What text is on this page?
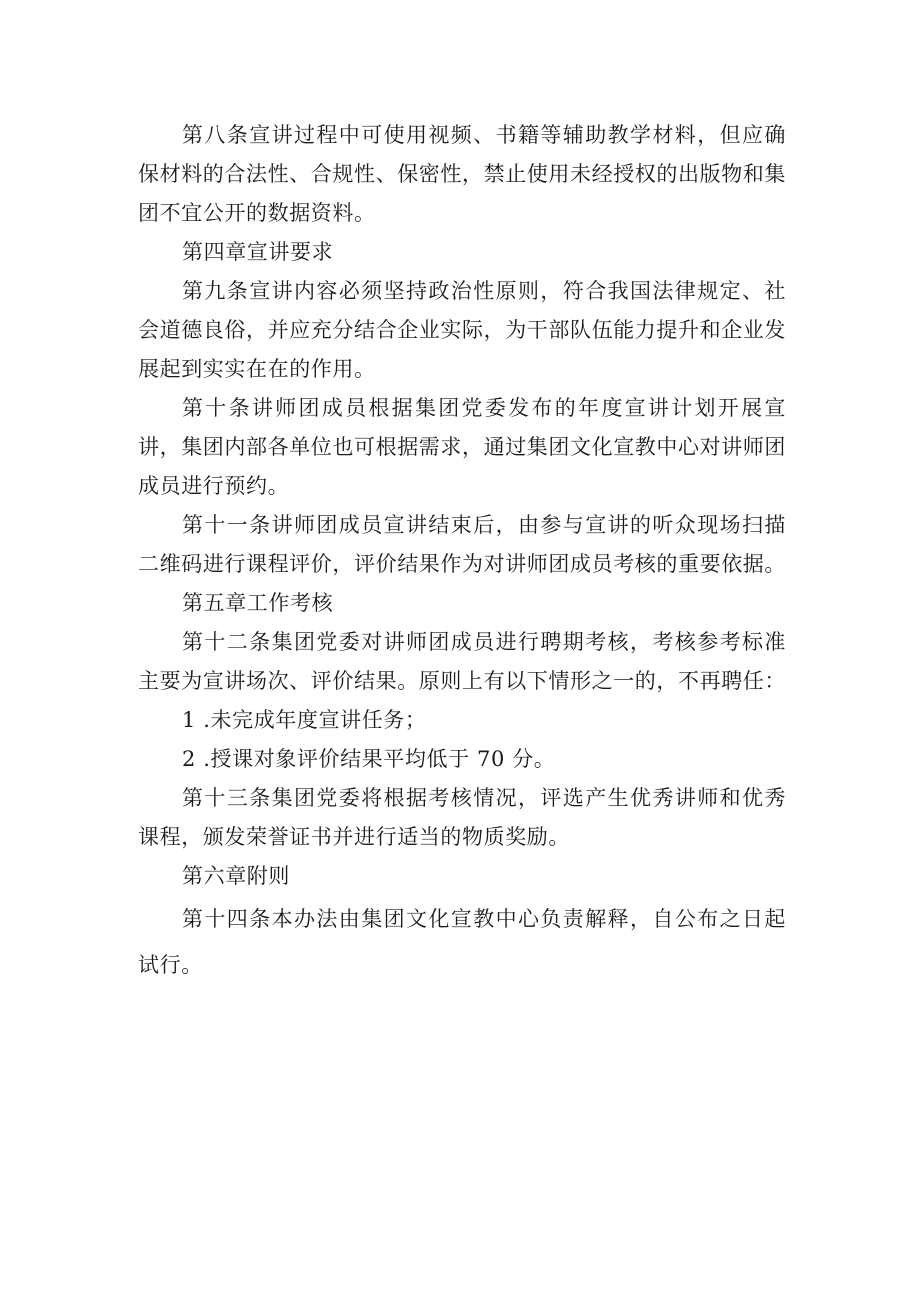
第八条宣讲过程中可使用视频、书籍等辅助教学材料，但应确保材料的合法性、合规性、保密性，禁止使用未经授权的出版物和集团不宜公开的数据资料。

第四章宣讲要求

第九条宣讲内容必须坚持政治性原则，符合我国法律规定、社会道德良俗，并应充分结合企业实际，为干部队伍能力提升和企业发展起到实实在在的作用。

第十条讲师团成员根据集团党委发布的年度宣讲计划开展宣讲，集团内部各单位也可根据需求，通过集团文化宣教中心对讲师团成员进行预约。

第十一条讲师团成员宣讲结束后，由参与宣讲的听众现场扫描二维码进行课程评价，评价结果作为对讲师团成员考核的重要依据。

第五章工作考核

第十二条集团党委对讲师团成员进行聘期考核，考核参考标准主要为宣讲场次、评价结果。原则上有以下情形之一的，不再聘任：

1 .未完成年度宣讲任务；

2 .授课对象评价结果平均低于 70 分。

第十三条集团党委将根据考核情况，评选产生优秀讲师和优秀课程，颁发荣誉证书并进行适当的物质奖励。

第六章附则

第十四条本办法由集团文化宣教中心负责解释，自公布之日起试行。
